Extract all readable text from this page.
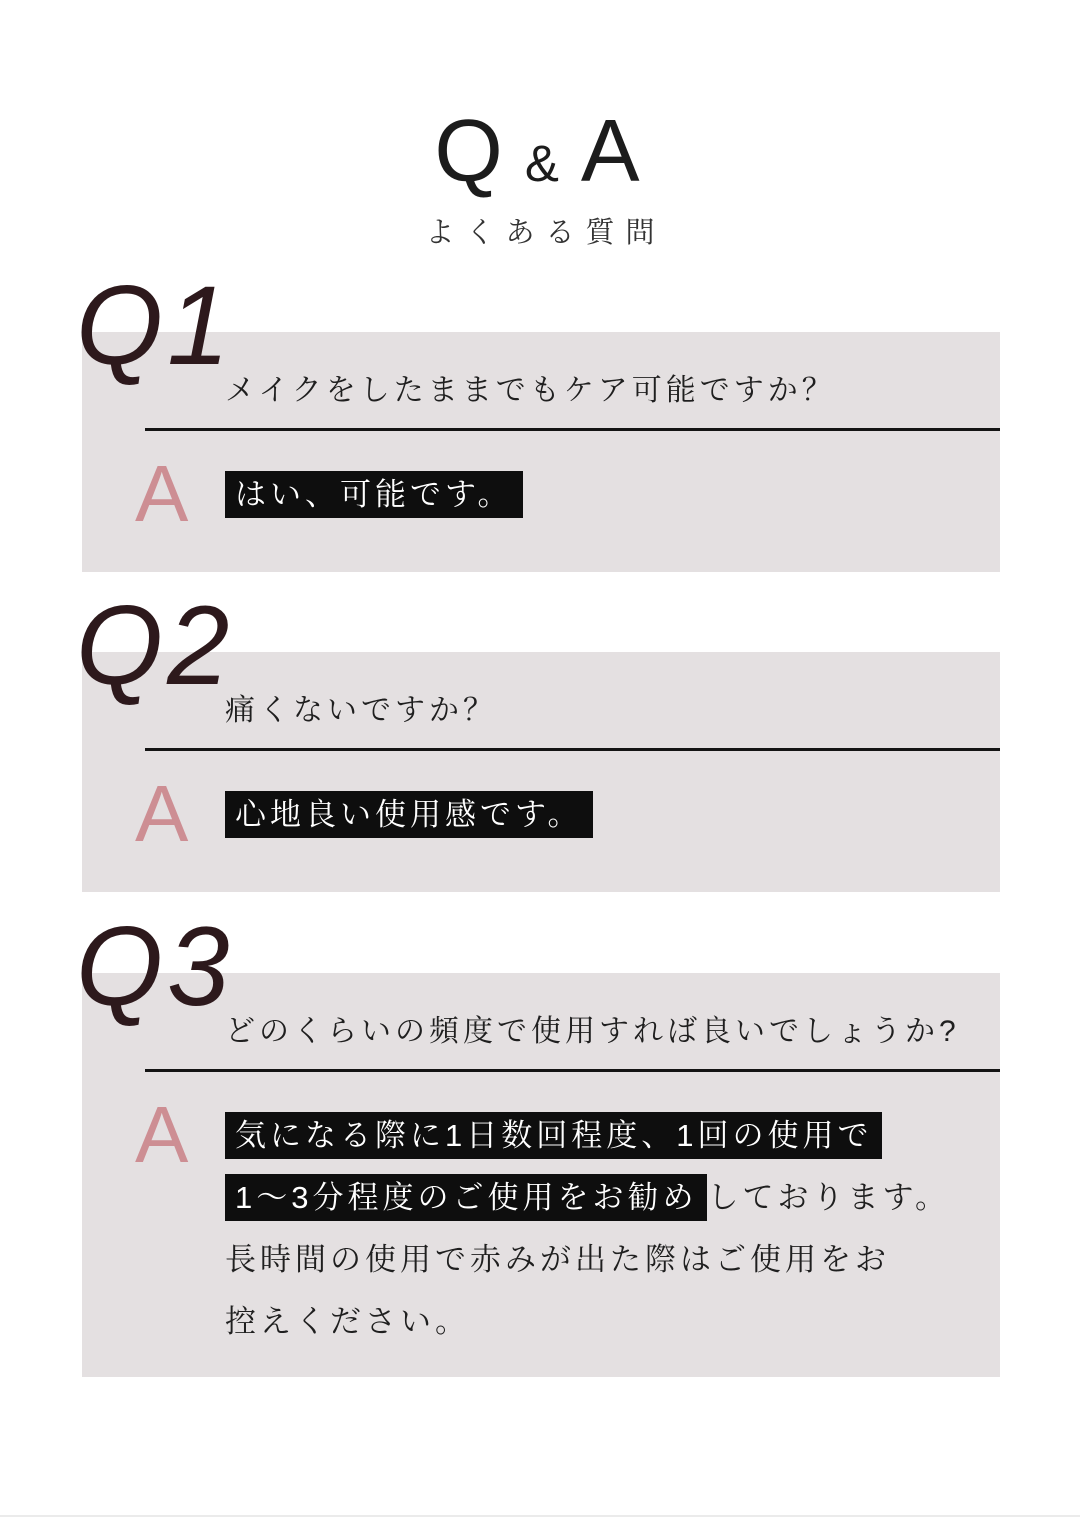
Q & A
よくある質問
Q1
メイクをしたままでもケア可能ですか？
A	はい、可能です。
Q2
痛くないですか？
A	心地良い使用感です。
Q3
どのくらいの頻度で使用すれば良いでしょうか?
A	気になる際に1日数回程度、1回の使用で
1〜3分程度のご使用をお勧め しております。
長時間の使用で赤みが出た際はご使用をお
控えください。
